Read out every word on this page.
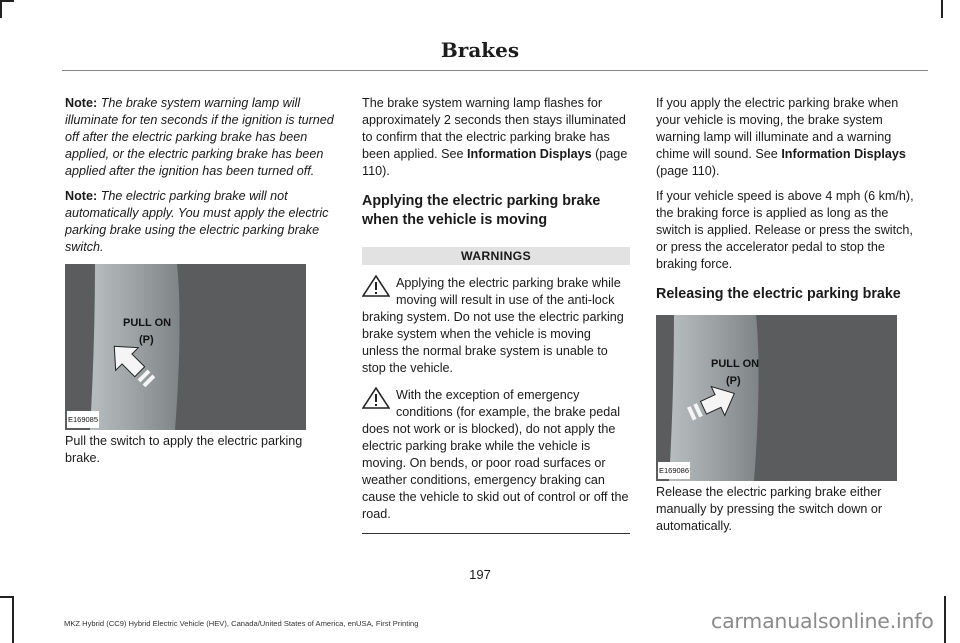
Brakes

Note: The brake system warning lamp will illuminate for ten seconds if the ignition is turned off after the electric parking brake has been applied, or the electric parking brake has been applied after the ignition has been turned off.

Note: The electric parking brake will not automatically apply. You must apply the electric parking brake using the electric parking brake switch.

PULL ON
(P)
E169085

Pull the switch to apply the electric parking brake.

The brake system warning lamp flashes for approximately 2 seconds then stays illuminated to confirm that the electric parking brake has been applied. See Information Displays (page 110).

Applying the electric parking brake when the vehicle is moving
WARNINGS
Applying the electric parking brake while moving will result in use of the anti-lock braking system. Do not use the electric parking brake system when the vehicle is moving unless the normal brake system is unable to stop the vehicle.
With the exception of emergency conditions (for example, the brake pedal does not work or is blocked), do not apply the electric parking brake while the vehicle is moving. On bends, or poor road surfaces or weather conditions, emergency braking can cause the vehicle to skid out of control or off the road.

If you apply the electric parking brake when your vehicle is moving, the brake system warning lamp will illuminate and a warning chime will sound. See Information Displays (page 110).

If your vehicle speed is above 4 mph (6 km/h), the braking force is applied as long as the switch is applied. Release or press the switch, or press the accelerator pedal to stop the braking force.

Releasing the electric parking brake
PULL ON
(P)
E169086

Release the electric parking brake either manually by pressing the switch down or automatically.

197
MKZ Hybrid (CC9) Hybrid Electric Vehicle (HEV), Canada/United States of America, enUSA, First Printing	carmanualsonline.info
